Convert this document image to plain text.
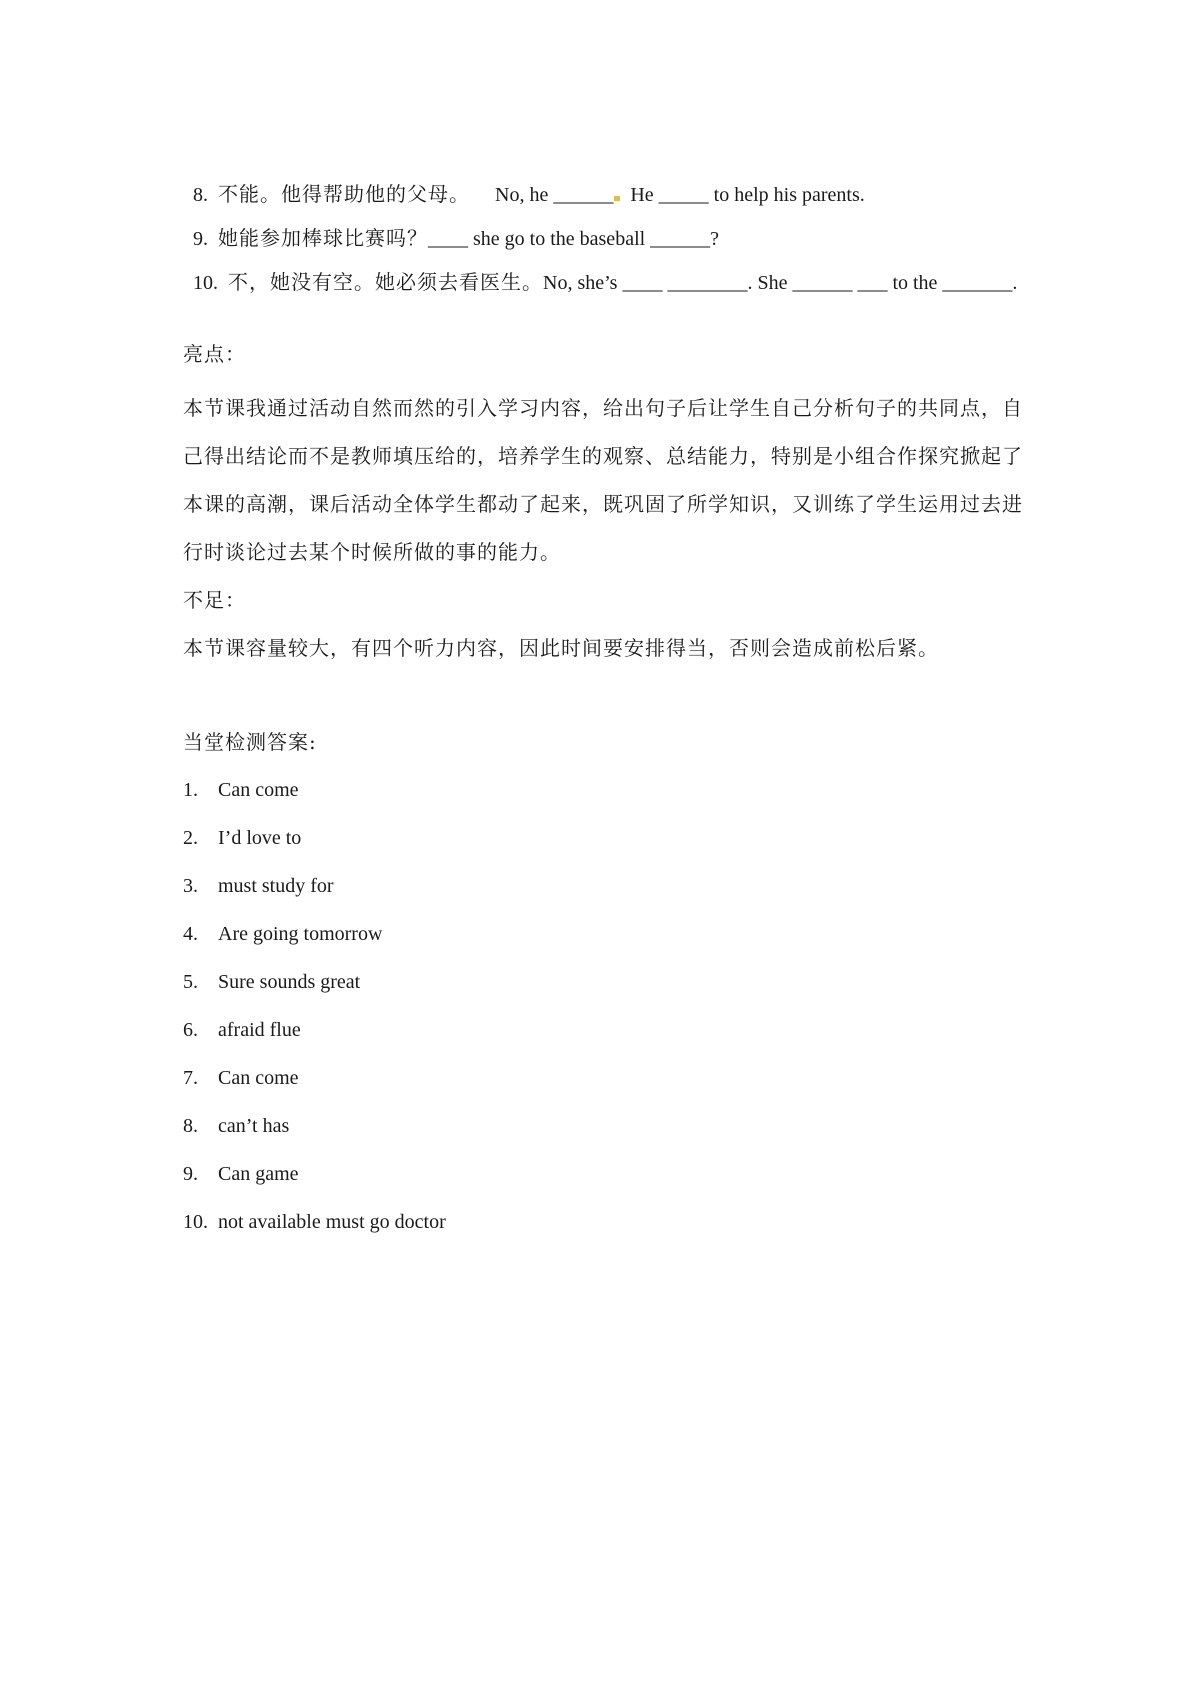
8.  不能。他得帮助他的父母。     No, he ______  He _____ to help his parents.

9.  她能参加棒球比赛吗？____ she go to the baseball ______?

10.  不，她没有空。她必须去看医生。No, she’s ____ ________. She ______ ___ to the _______.

亮点：
本节课我通过活动自然而然的引入学习内容，给出句子后让学生自己分析句子的共同点，自
己得出结论而不是教师填压给的，培养学生的观察、总结能力，特别是小组合作探究掀起了
本课的高潮，课后活动全体学生都动了起来，既巩固了所学知识，又训练了学生运用过去进
行时谈论过去某个时候所做的事的能力。
不足：
本节课容量较大，有四个听力内容，因此时间要安排得当，否则会造成前松后紧。
当堂检测答案:
1. Can come
2. I’d love to
3. must study for
4. Are going tomorrow
5. Sure sounds great
6. afraid flue
7. Can come
8. can’t has
9. Can game
10. not available must go doctor
